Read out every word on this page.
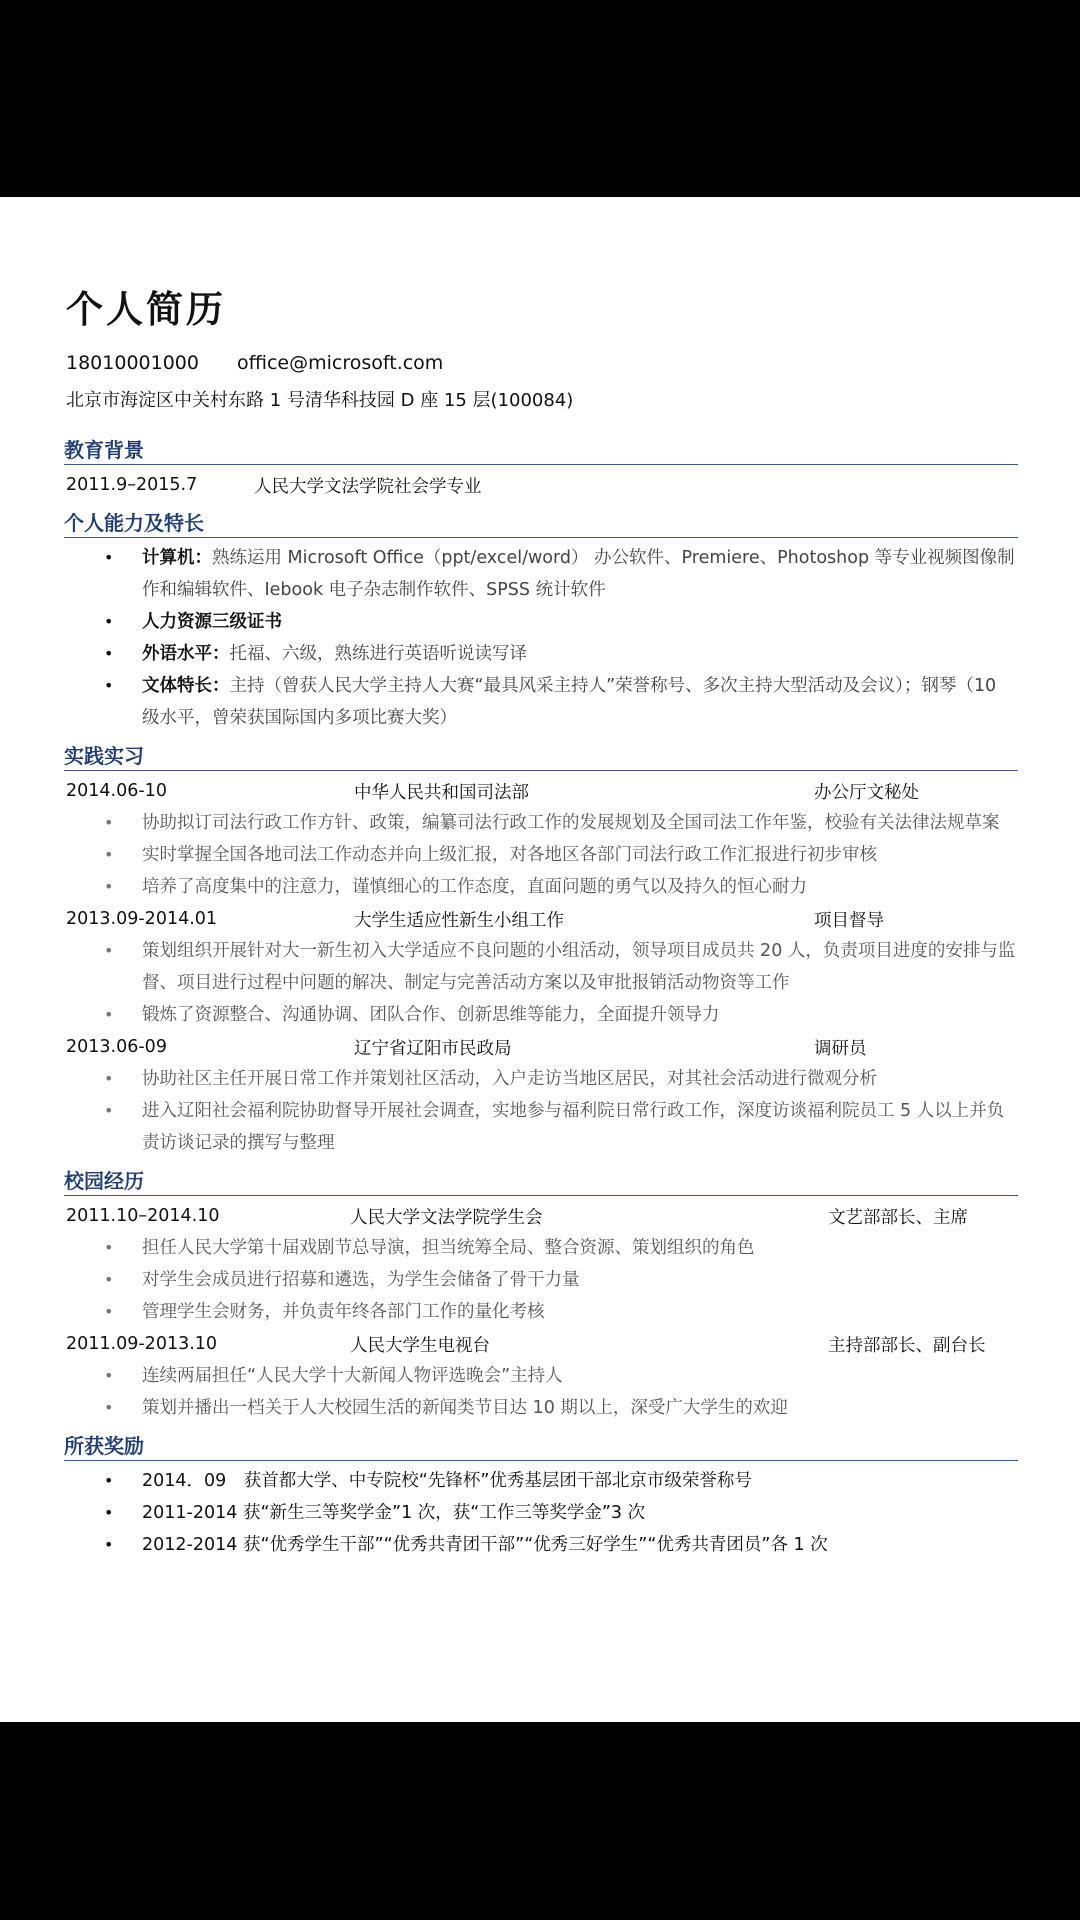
个人简历
18010001000 office@microsoft.com
北京市海淀区中关村东路 1 号清华科技园 D 座 15 层(100084)
教育背景
2011.9–2015.7	人民大学文法学院社会学专业
个人能力及特长
• 计算机：熟练运用 Microsoft Office（ppt/excel/word） 办公软件、Premiere、Photoshop 等专业视频图像制作和编辑软件、Iebook 电子杂志制作软件、SPSS 统计软件
• 人力资源三级证书
• 外语水平：托福、六级，熟练进行英语听说读写译
• 文体特长：主持（曾获人民大学主持人大赛“最具风采主持人”荣誉称号、多次主持大型活动及会议）；钢琴（10 级水平，曾荣获国际国内多项比赛大奖）
实践实习
2014.06-10	中华人民共和国司法部	办公厅文秘处
• 协助拟订司法行政工作方针、政策，编纂司法行政工作的发展规划及全国司法工作年鉴，校验有关法律法规草案
• 实时掌握全国各地司法工作动态并向上级汇报，对各地区各部门司法行政工作汇报进行初步审核
• 培养了高度集中的注意力，谨慎细心的工作态度，直面问题的勇气以及持久的恒心耐力
2013.09-2014.01	大学生适应性新生小组工作	项目督导
• 策划组织开展针对大一新生初入大学适应不良问题的小组活动，领导项目成员共 20 人，负责项目进度的安排与监督、项目进行过程中问题的解决、制定与完善活动方案以及审批报销活动物资等工作
• 锻炼了资源整合、沟通协调、团队合作、创新思维等能力，全面提升领导力
2013.06-09	辽宁省辽阳市民政局	调研员
• 协助社区主任开展日常工作并策划社区活动，入户走访当地区居民，对其社会活动进行微观分析
• 进入辽阳社会福利院协助督导开展社会调查，实地参与福利院日常行政工作，深度访谈福利院员工 5 人以上并负责访谈记录的撰写与整理
校园经历
2011.10–2014.10	人民大学文法学院学生会	文艺部部长、主席
• 担任人民大学第十届戏剧节总导演，担当统筹全局、整合资源、策划组织的角色
• 对学生会成员进行招募和遴选，为学生会储备了骨干力量
• 管理学生会财务，并负责年终各部门工作的量化考核
2011.09-2013.10	人民大学生电视台	主持部部长、副台长
• 连续两届担任“人民大学十大新闻人物评选晚会”主持人
• 策划并播出一档关于人大校园生活的新闻类节目达 10 期以上，深受广大学生的欢迎
所获奖励
• 2014．09　获首都大学、中专院校“先锋杯”优秀基层团干部北京市级荣誉称号
• 2011-2014 获“新生三等奖学金”1 次，获“工作三等奖学金”3 次
• 2012-2014 获“优秀学生干部”“优秀共青团干部”“优秀三好学生”“优秀共青团员”各 1 次
